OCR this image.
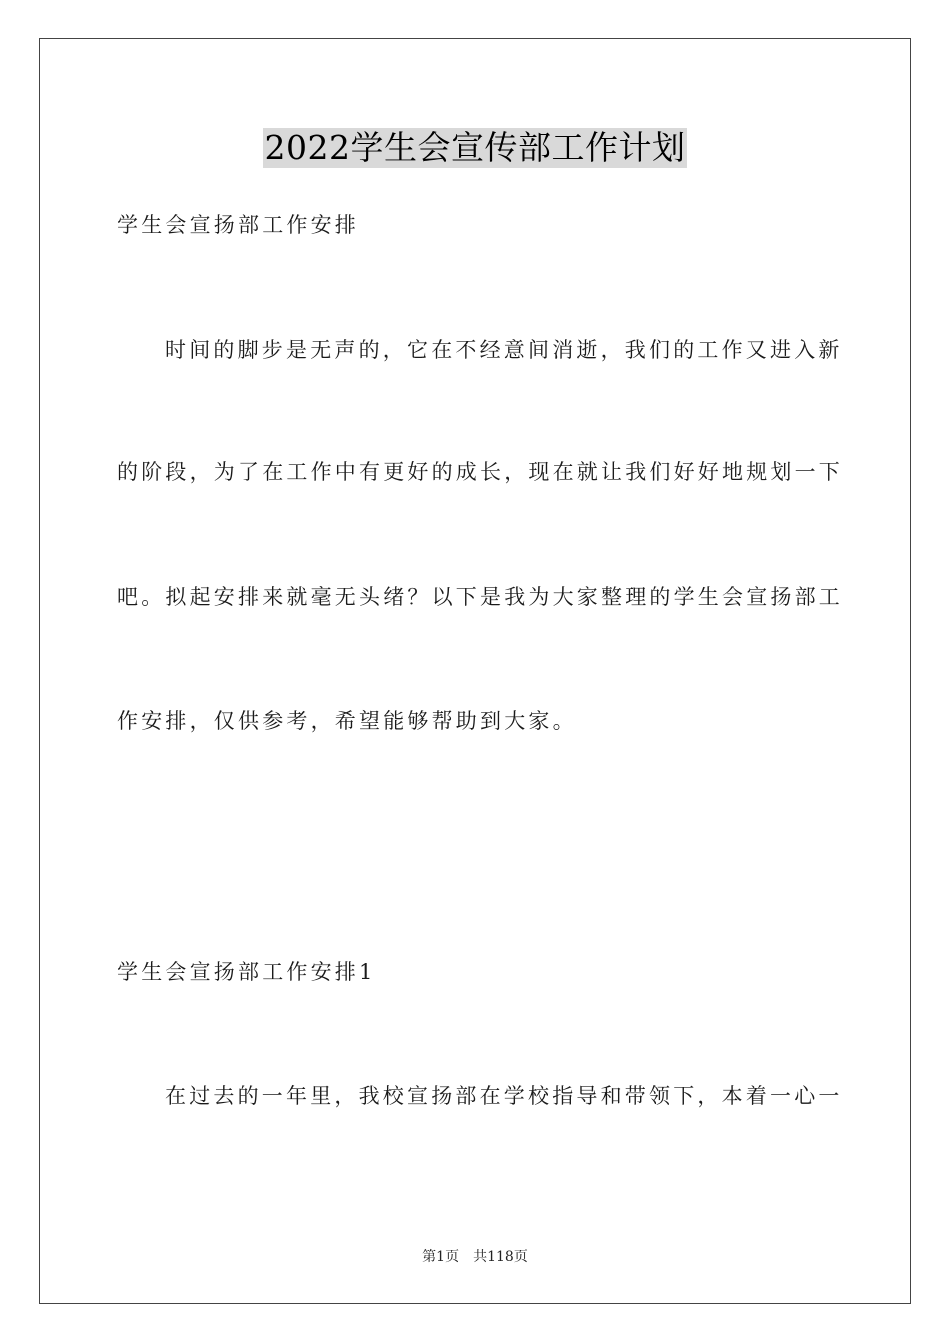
2022学生会宣传部工作计划
学生会宣扬部工作安排
时间的脚步是无声的，它在不经意间消逝，我们的工作又进入新
的阶段，为了在工作中有更好的成长，现在就让我们好好地规划一下
吧。拟起安排来就毫无头绪？以下是我为大家整理的学生会宣扬部工
作安排，仅供参考，希望能够帮助到大家。
学生会宣扬部工作安排1
在过去的一年里，我校宣扬部在学校指导和带领下，本着一心一
第1页 共118页
